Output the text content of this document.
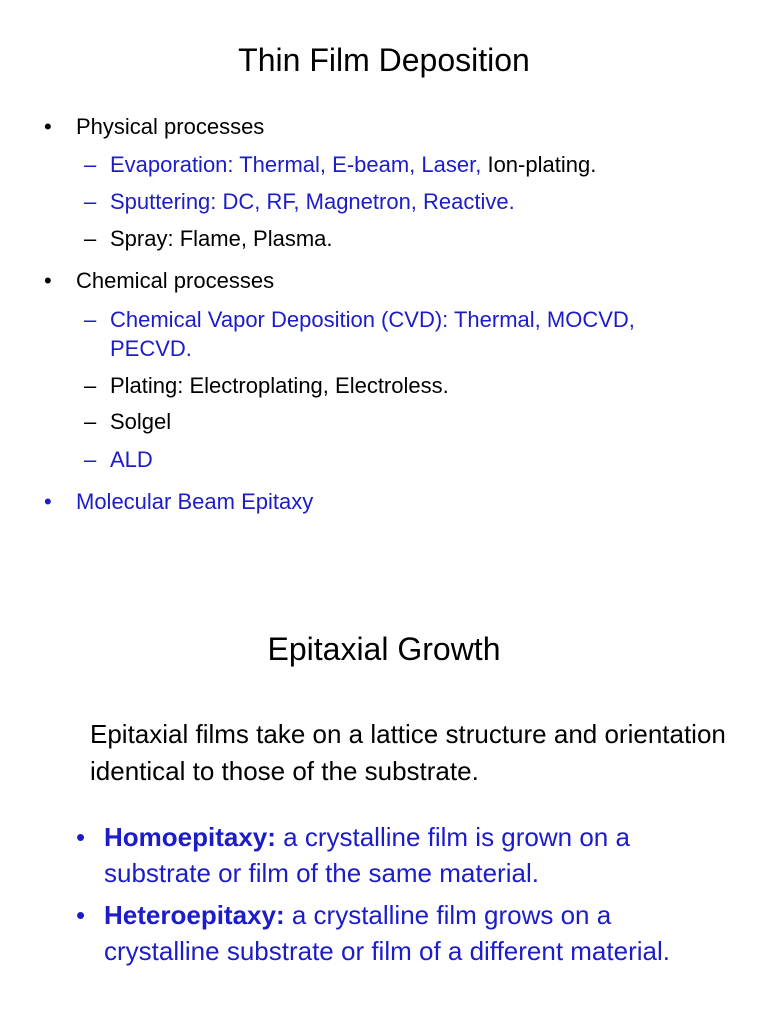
Thin Film Deposition
• Physical processes
– Evaporation: Thermal, E-beam, Laser, Ion-plating.
– Sputtering: DC, RF, Magnetron, Reactive.
– Spray: Flame, Plasma.
• Chemical processes
– Chemical Vapor Deposition (CVD): Thermal, MOCVD,
PECVD.
– Plating: Electroplating, Electroless.
– Solgel
– ALD
• Molecular Beam Epitaxy
Epitaxial Growth

Epitaxial films take on a lattice structure and orientation identical to those of the substrate.

• Homoepitaxy: a crystalline film is grown on a substrate or film of the same material.
• Heteroepitaxy: a crystalline film grows on a crystalline substrate or film of a different material.
